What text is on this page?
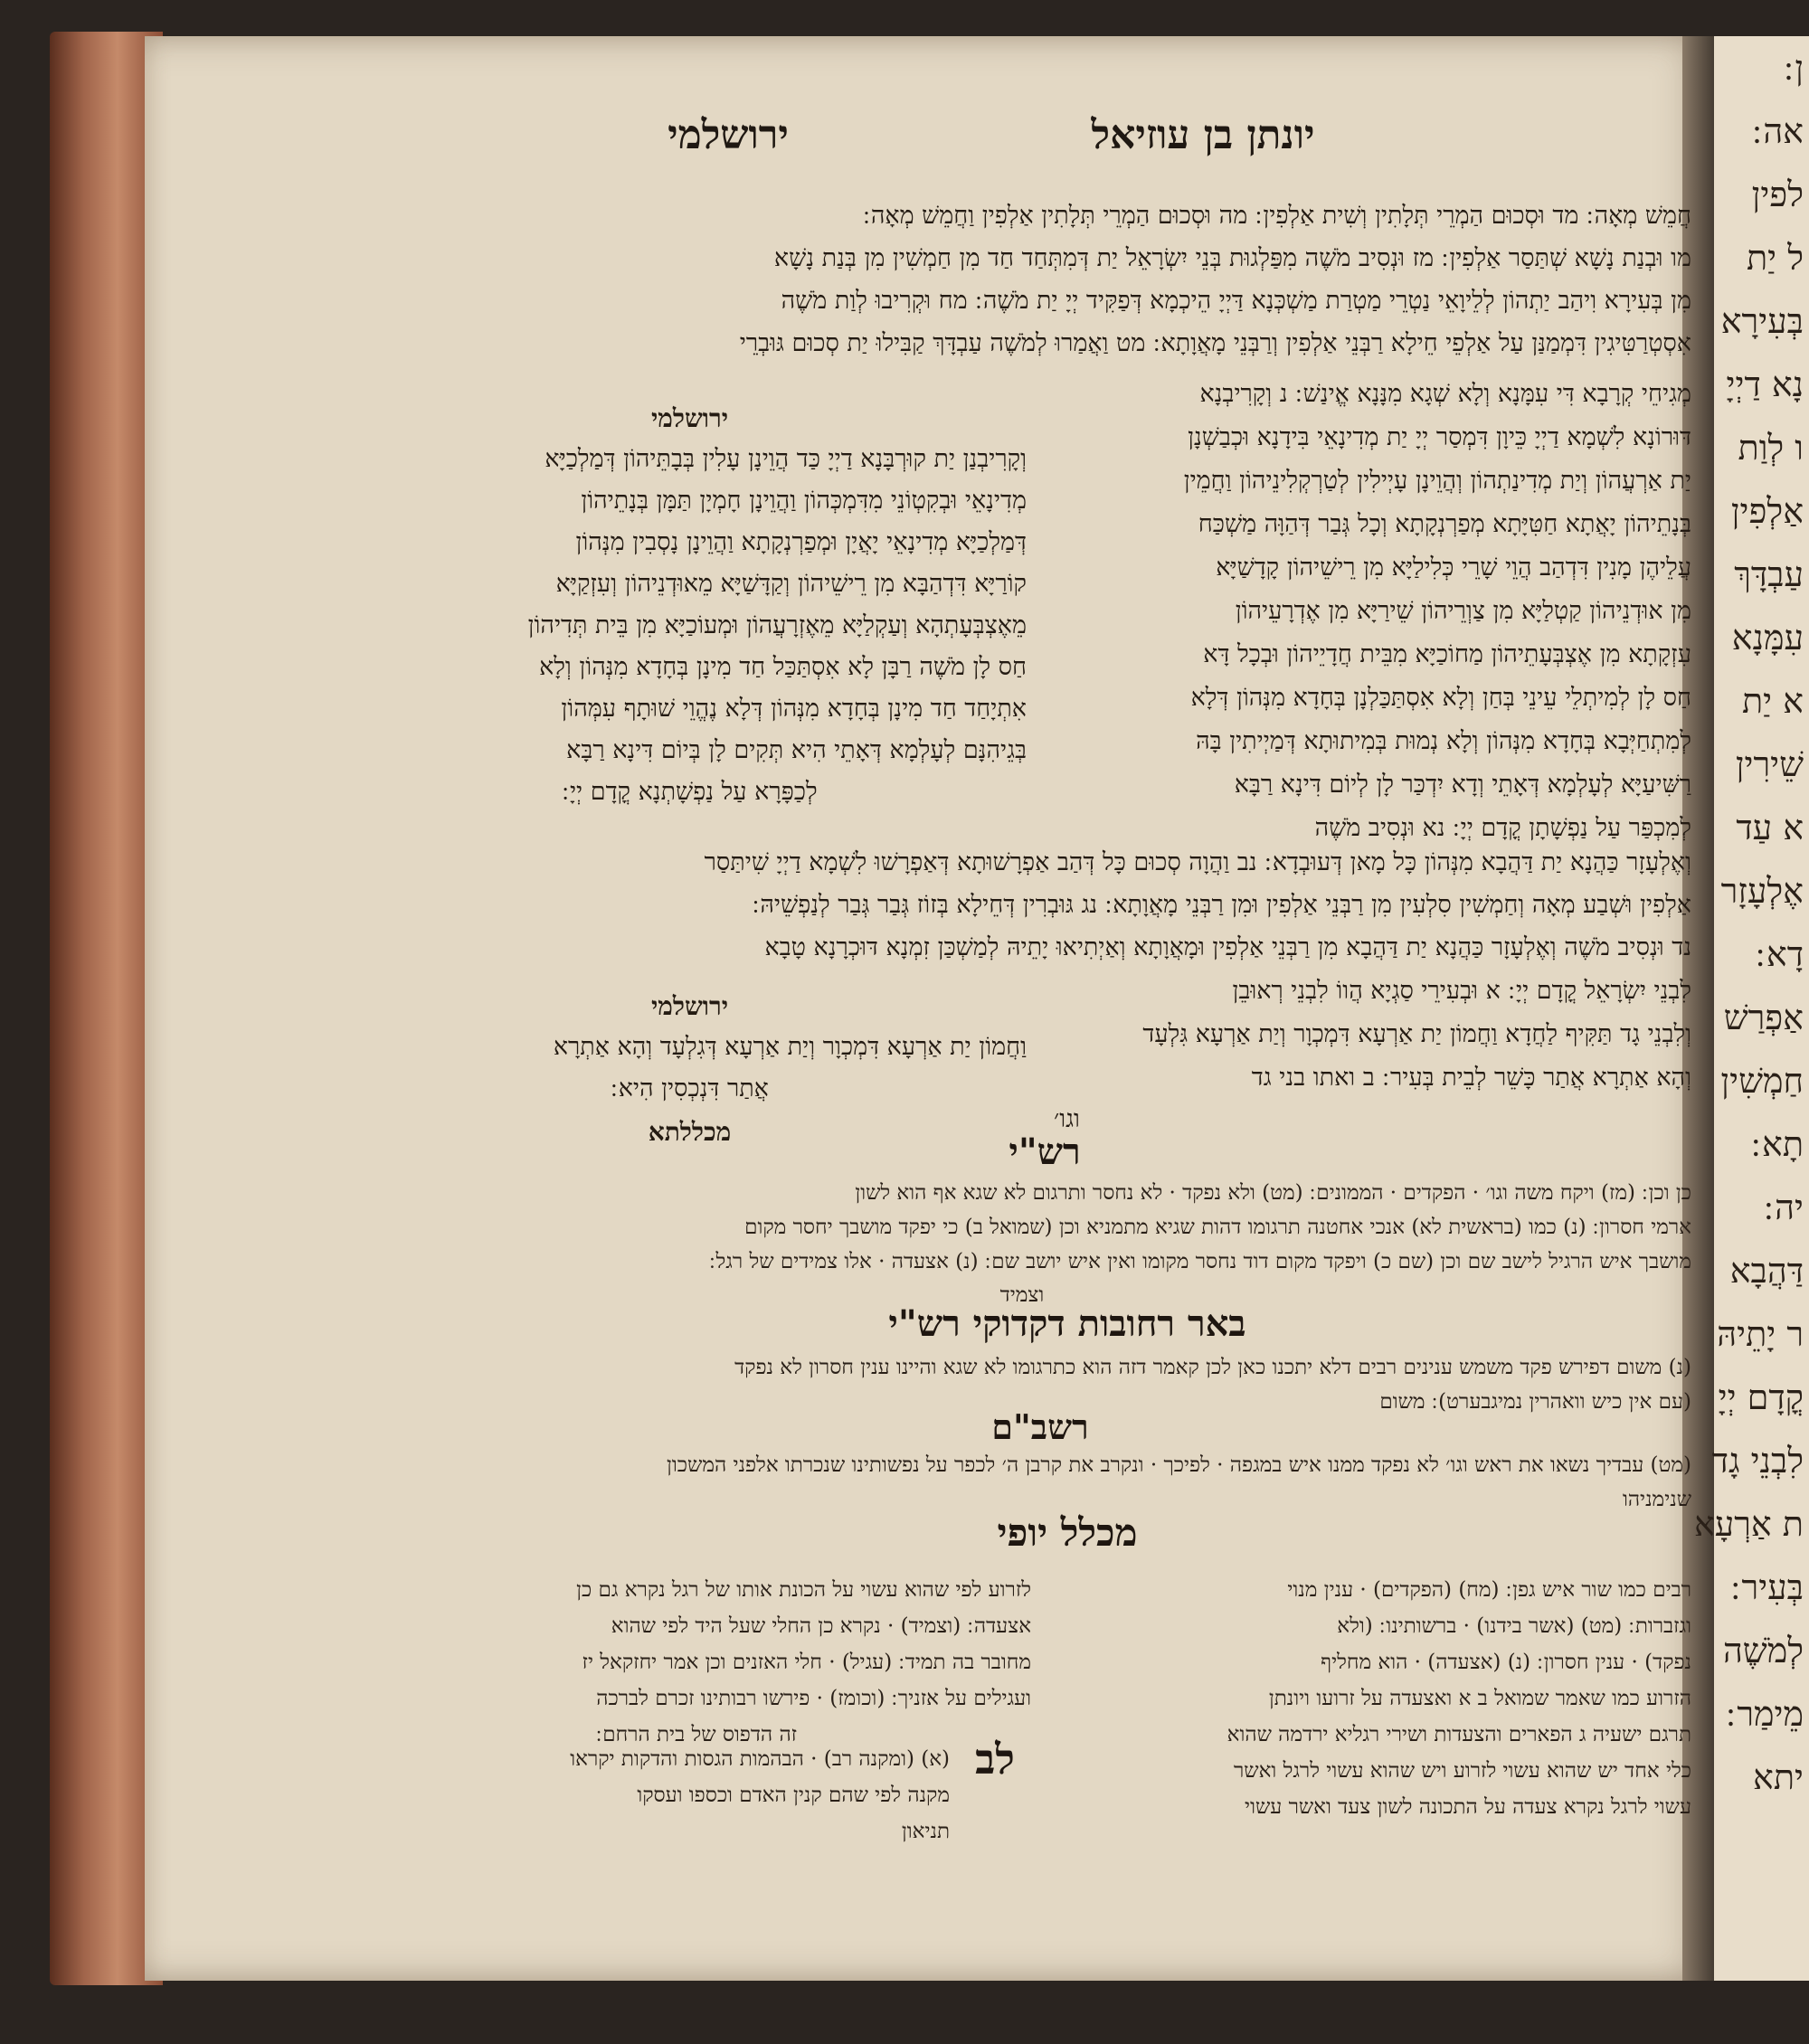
ן ׃
אה ׃
לפין
ל יַת
בְּעִירָא
נָא דַיְיָ
ו לְוַת
אַלְפִין
עַבְדָּךְ
עִמָּנָא
א יַת
שֵׁירִין
א עַד
אֶלְעָזָר
דָא ׃
אַפְרַשׁ
חַמְשִׁין
תָא ׃
יה ׃
דַּהֲבָא
ר יָתֵיהּ
קֳדָם יְיָ
לִבְנֵי גָד
ת אַרְעָא
בְּעִיר ׃
לְמֹשֶׁה
מֵימַר ׃
יתא
ירושלמי	יונתן בן עוזיאל
חֲמֵשׁ מְאָה ׃ מד וּסְכוּם הַמְרֵי תְּלָתִין וְשִׁית אַלְפִין ׃ מה וּסְכוּם הַמְרֵי תְּלָתִין אַלְפִין וַחֲמֵשׁ מְאָה ׃
מו וּבְנַת נָשָׁא שְׁתַּסַר אַלְפִין ׃ מז וּנְסִיב מֹשֶׁה מִפַּלְגוּת בְּנֵי יִשְׂרָאֵל יַת דְּמִתְּחַד חַד מִן חַמְשִׁין מִן בְּנַת נָשָׁא
מִן בְּעִירָא וִיהַב יַתְהוֹן לְלֵיוָאֵי נַטְרֵי מַטְרַת מַשְׁכְּנָא דַּיְיָ הֵיכְמָא דְּפַקִּיד יְיָ יַת מֹשֶׁה ׃ מח וּקְרִיבוּ לְוַת מֹשֶׁה
אִסְטְרַטִּיגִין דִּמְמַנַּן עַל אַלְפֵי חֵילָא רַבְּנֵי אַלְפִין וְרַבְּנֵי מָאֲוָתָא ׃ מט וַאֲמַרוּ לְמֹשֶׁה עַבְדָּךְ קַבִּילוּ יַת סְכוּם גּוּבְרֵי
מְגִיחֵי קְרָבָא דִּי עִמָּנָא וְלָא שְׁגָא מִנָּנָא אֱינַשׁ ׃ נ וְקָרִיבְנָא
דּוּרוֹנָא לִשְׁמָא דַיְיָ כֵּיוָן דִּמְסַר יְיָ יַת מְדִינָאֵי בִּידָנָא וּכְבַשְׁנָן
יַת אַרְעֲהוֹן וְיַת מְדִינַתְהוֹן וְהֲוֵינָן עָיְילִין לְטַרְקְלִינֵיהוֹן וַחֲמֵין
בְּנָתֵיהוֹן יָאֲתָא חַטִּיָּתָא מְפַרְנְקָתָא וְכָל גְּבַר דְּהַוָּה מַשְׁכַּח
עֲלֵיהֶן מָנִין דִּדְהַב הֲוֵי שָׁרֵי כְּלִילַיָּא מִן רֵישֵׁיהוֹן קָדָשַׁיָּא
מִן אוּדְנֵיהוֹן קַטְלַיָּא מִן צַוְרֵיהוֹן שֵׁירַיָּא מִן אֶדְרָעֵיהוֹן
עִזְקָתָא מִן אֶצְבְּעָתֵיהוֹן מַחוֹכַיָּא מִבֵּית חֲדָיֵיהוֹן וּבְכָל דָּא
חַס לָן לְמִיתְלֵי עֵינֵי בְּחַן וְלָא אִסְתַּכַּלְנָן בְּחָדָא מִנְּהוֹן דְּלָא
לְמִתְחַיְּבָא בְּחָדָא מִנְּהוֹן וְלָא נְמוּת בְּמִיתוּתָא דְּמַיְיתִין בָּהּ
רַשִּׁיעַיָּא לְעָלְמָא דְּאָתֵי וְדָא יִדְכַּר לָן לְיוֹם דִּינָא רַבָּא
לְמִכְפַּר עַל נַפְשָׁתָן קֳדָם יְיָ ׃ נא וּנְסִיב מֹשֶׁה
ירושלמי
וְקָרִיבְנַן יַת קוּרְבָּנָא דַיְיָ כַּד הֲוֵינָן עָלִין בְּבָתֵּיהוֹן דְּמַלְכַיָּא
מְדִינָאֵי וּבְקִטְוֹנֵי מִדִּמְכְּהוֹן וַהֲוֵינָן חָמְיָן תַּמָּן בְּנָתֵיהוֹן
דְּמַלְכַיָּא מְדִינָאֵי יָאֲיָן וּמְפַרְנְקָתָא וַהֲוֵינָן נָסְבִין מִנְּהוֹן
קוֹרַיָּא דִּדְהַבָּא מִן רֵישֵׁיהוֹן וְקַדָּשַׁיָּא מֵאוּדְנֵיהוֹן וְעִזְקַיָּא
מֵאֶצְבְּעָתְהָא וְעַקְלַיָּא מֵאֶזְרָעֲהוֹן וּמְעוֹכַיָּא מִן בֵּית תְּדִיהוֹן
חַס לָן מֹשֶׁה רַבָּן לָא אִסְתַּכַּל חַד מִינָן בְּחָדָא מִנְּהוֹן וְלָא
אִתְיָחַד חַד מִינָן בְּחָדָא מִנְּהוֹן דְּלָא נֶהֱוֵי שׁוּתָף עִמְּהוֹן
בְּגֵיהִנָּם לְעָלְמָא דְּאָתֵי הִיא תְּקִים לָן בְּיוֹם דִּינָא רַבָּא
לְכַפָּרָא עַל נַפְשָׁתְנָא קֳדָם יְיָ ׃
וְאֶלְעָזָר כַּהֲנָא יַת דַּהֲבָא מִנְּהוֹן כָּל מָאן דְּעוּבְדָא ׃ נב וַהֲוָה סְכוּם כָּל דְּהַב אַפְרָשׁוּתָא דְּאַפְרָשׁוּ לִשְׁמָא דַיְיָ שִׁיתַּסַר
אַלְפִין וּשְׁבַע מְאָה וְחַמְשִׁין סִלְעִין מִן רַבְּנֵי אַלְפִין וּמִן רַבְּנֵי מָאֲוָתָא ׃ נג גּוּבְרִין דְּחֵילָא בְּזוֹז גְּבַר גְּבַר לְנַפְשֵׁיהּ ׃
נד וּנְסִיב מֹשֶׁה וְאֶלְעָזָר כַּהֲנָא יַת דַּהֲבָא מִן רַבְּנֵי אַלְפִין וּמָאֲוָתָא וְאַיְתִיאוּ יָתֵיהּ לְמַשְׁכַּן זִמְנָא דּוּכְרָנָא טָבָא
לִבְנֵי יִשְׂרָאֵל קֳדָם יְיָ ׃ א וּבְעִירֵי סַגְיָא הֲווֹ לִבְנֵי רְאוּבֵן
וְלִבְנֵי גָד תַּקִּיף לַחֲדָא וַחֲמוֹן יַת אַרְעָא דִּמְכְוָר וְיַת אַרְעָא גִּלְעָד
וְהָא אַתְרָא אֲתַר כָּשֵׁר לְבֵית בְּעִיר ׃ ב ואתו בני גד
וגו׳
ירושלמי
וַחֲמוֹן יַת אַרְעָא דִּמְכְוָר וְיַת אַרְעָא דְּגִלְעָד וְהָא אַתְרָא
אֲתַר דִּנְכְסִין הִיא ׃
מכללתא	רש"י
כן וכן ׃ (מז) ויקח משה וגו׳ · הפקדים · הממונים ׃ (מט) ולא נפקד · לא נחסר ותרגום לא שגא אף הוא לשון
ארמי חסרון ׃ (נ) כמו (בראשית לא) אנכי אחטנה תרגומו דהות שגיא מתמניא וכן (שמואל ב) כי יפקד מושבך יחסר מקום
מושבך איש הרגיל לישב שם וכן (שם כ) ויפקד מקום דוד נחסר מקומו ואין איש יושב שם ׃ (נ) אצעדה · אלו צמידים של רגל ׃
וצמיד
באר רחובות דקדוקי רש"י
(נ) משום דפירש פקד משמש ענינים רבים דלא יתכנו כאן לכן קאמר דזה הוא כתרגומו לא שגא והיינו ענין חסרון לא נפקד
(עם אין כיש וואהרין נמיגבערט) ׃ משום
רשב"ם
(מט) עבדיך נשאו את ראש וגו׳ לא נפקד ממנו איש במגפה · לפיכך · ונקרב את קרבן ה׳ לכפר על נפשותינו שנכרתו אלפני המשכון
שנימניהו
מכלל יופי
רבים כמו שור איש גפן ׃ (מח) (הפקדים) · ענין מנוי
וגזברות ׃ (מט) (אשר בידנו) · ברשותינו ׃ (ולא
נפקד) · ענין חסרון ׃ (נ) (אצעדה) · הוא מחליף
הזרוע כמו שאמר שמואל ב א ואצעדה על זרועו ויונתן
תרגם ישעיה ג הפארים והצעדות ושירי רגליא ירדמה שהוא
כלי אחד יש שהוא עשוי לזרוע ויש שהוא עשוי לרגל ואשר
עשוי לרגל נקרא צעדה על התכונה לשון צעד ואשר עשוי
לזרוע לפי שהוא עשוי על הכונת אותו של רגל נקרא גם כן
אצעדה ׃ (וצמיד) · נקרא כן החלי שעל היד לפי שהוא
מחובר בה תמיד ׃ (עגיל) · חלי האזנים וכן אמר יחזקאל יז
ועגילים על אזניך ׃ (וכומז) · פירשו רבותינו זכרם לברכה
זה הדפוס של בית הרחם ׃	לב
(א) (ומקנה רב) · הבהמות הגסות והדקות יקראו
מקנה לפי שהם קנין האדם וכספו ועסקו
תניאון
